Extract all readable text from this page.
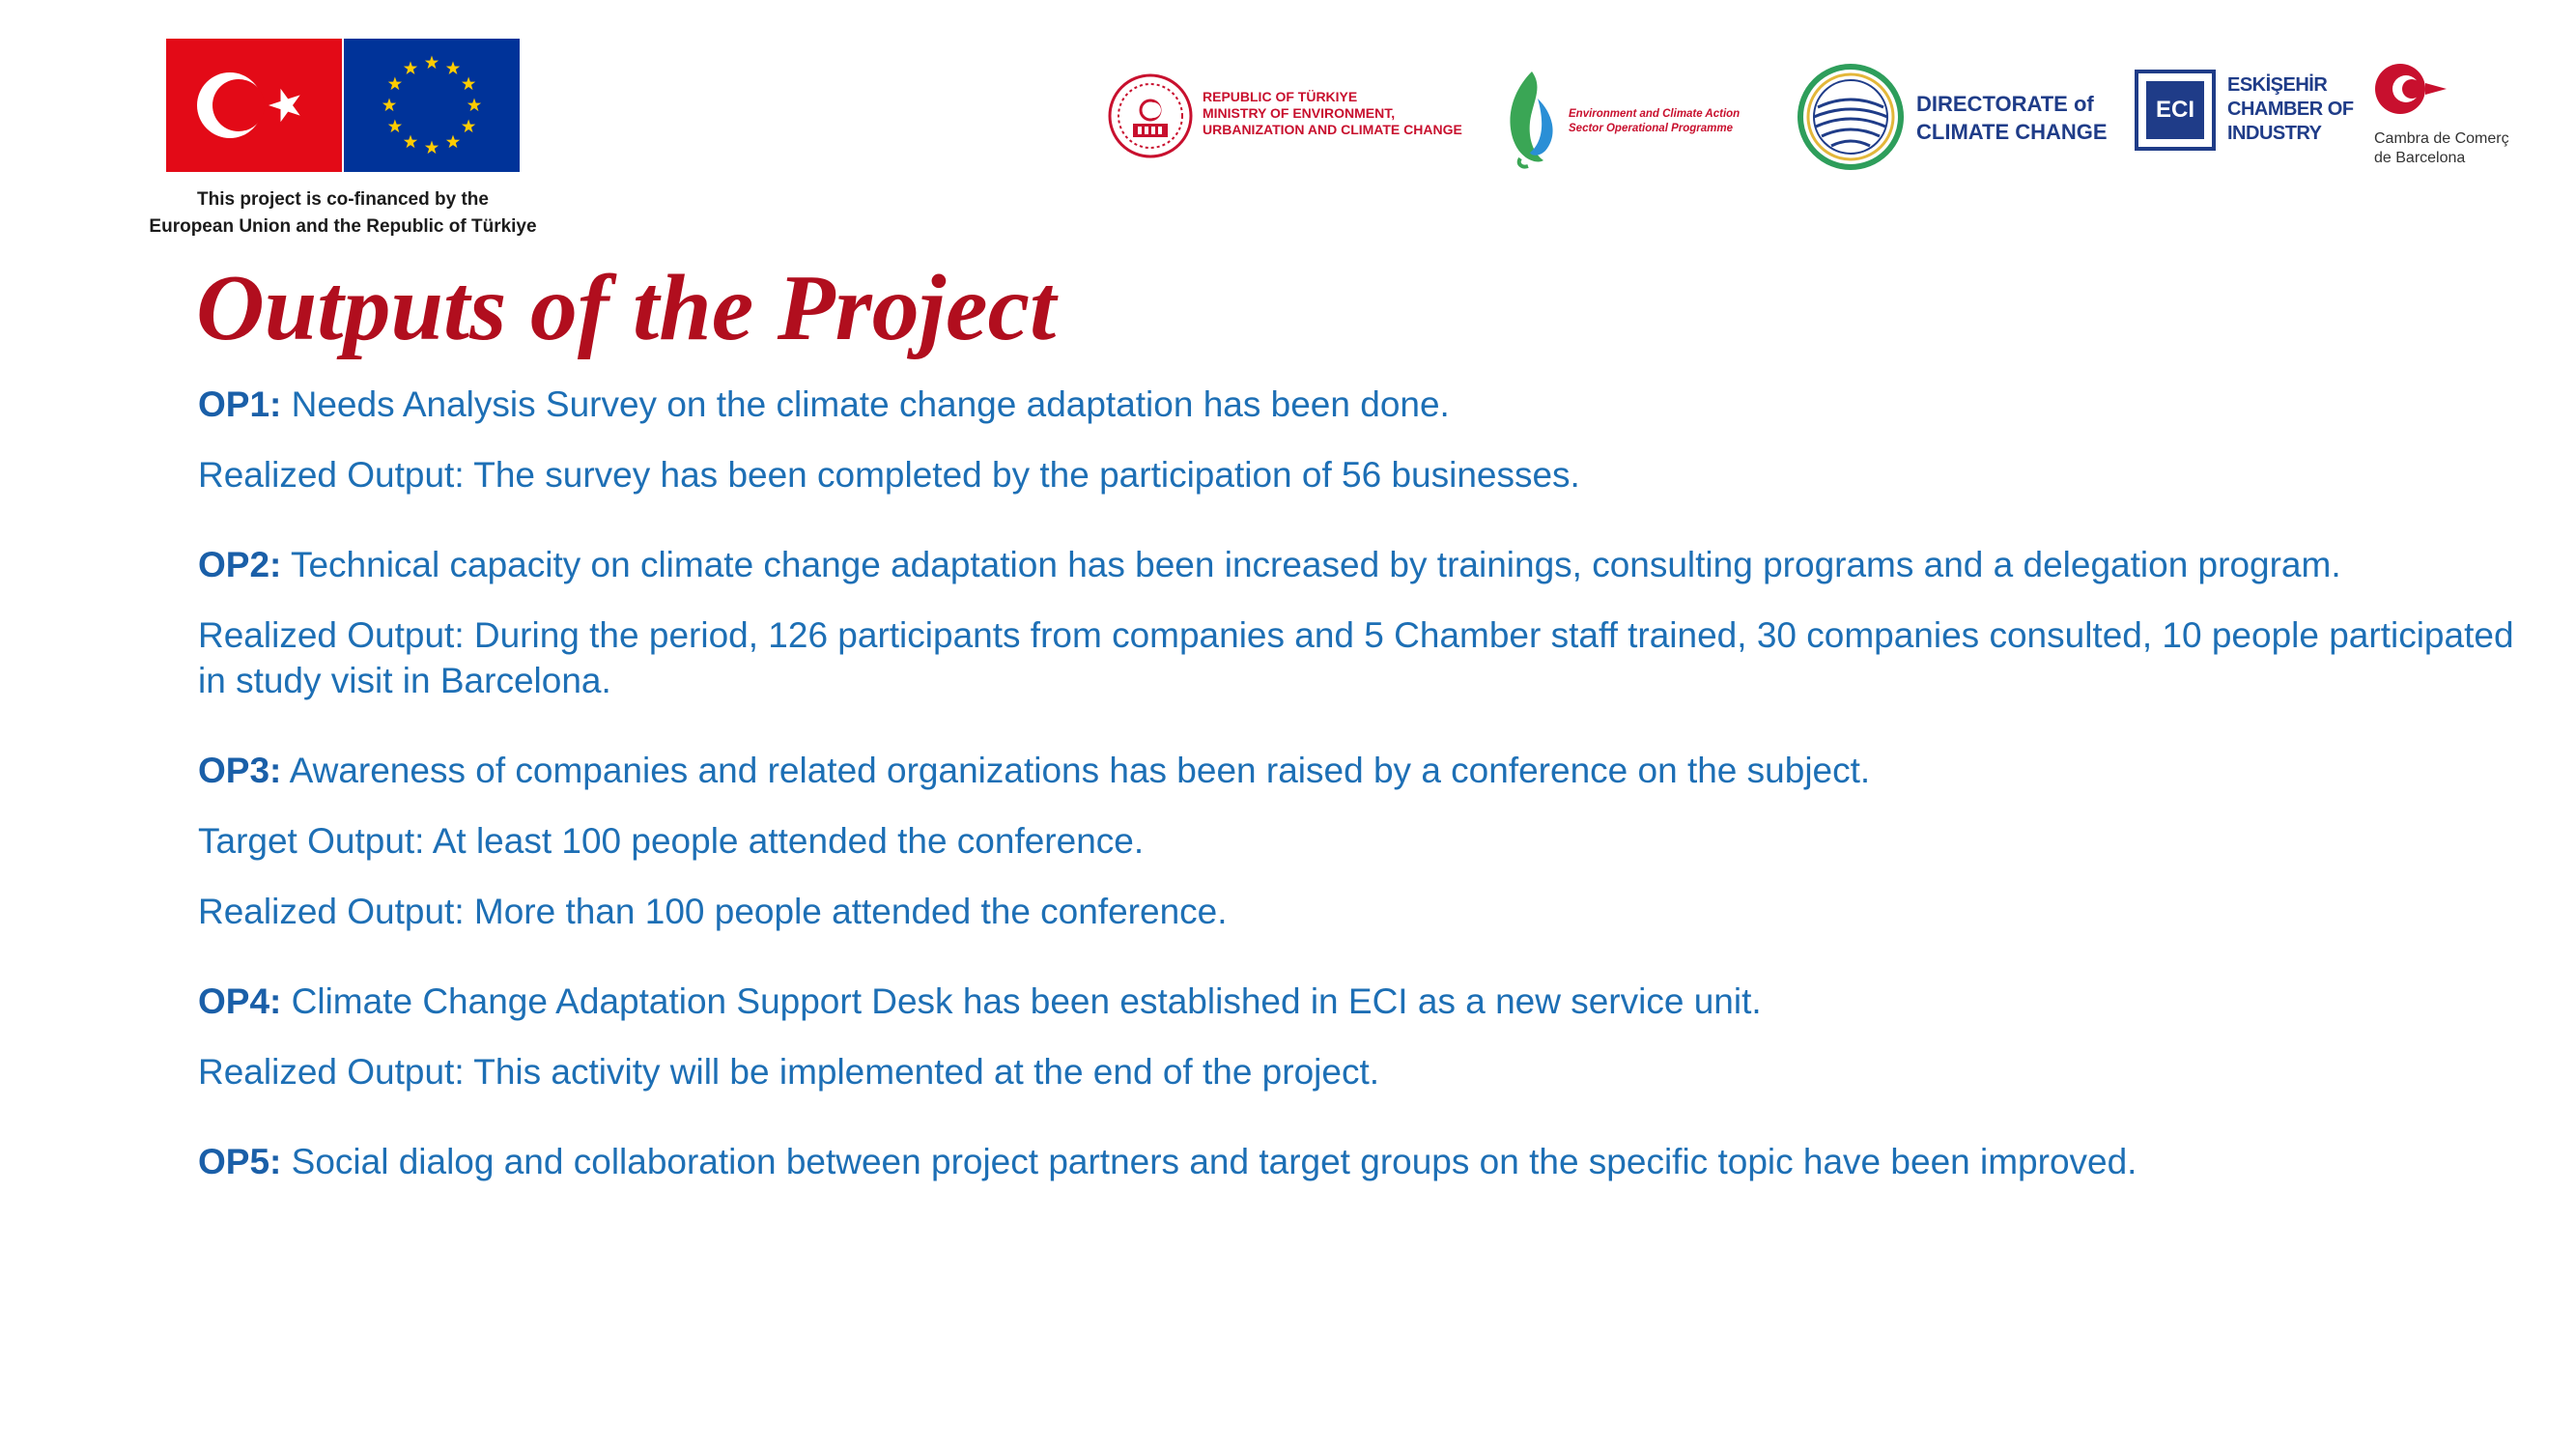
This project is co-financed by the
European Union and the Republic of Türkiye
REPUBLIC OF TÜRKIYE
MINISTRY OF ENVIRONMENT,
URBANIZATION AND CLIMATE CHANGE
Environment and Climate Action
Sector Operational Programme
DIRECTORATE of
CLIMATE CHANGE
ECI
ESKİŞEHİR
CHAMBER OF
INDUSTRY	Cambra de Comerç
de Barcelona
Outputs of the Project
OP1: Needs Analysis Survey on the climate change adaptation has been done.
Realized Output: The survey has been completed by the participation of 56 businesses.
OP2: Technical capacity on climate change adaptation has been increased by trainings, consulting programs and a delegation program.
Realized Output: During the period, 126 participants from companies and 5 Chamber staff trained, 30 companies consulted, 10 people participated in study visit in Barcelona.
OP3: Awareness of companies and related organizations has been raised by a conference on the subject.
Target Output: At least 100 people attended the conference.
Realized Output: More than 100 people attended the conference.
OP4: Climate Change Adaptation Support Desk has been established in ECI as a new service unit.
Realized Output: This activity will be implemented at the end of the project.
OP5: Social dialog and collaboration between project partners and target groups on the specific topic have been improved.
